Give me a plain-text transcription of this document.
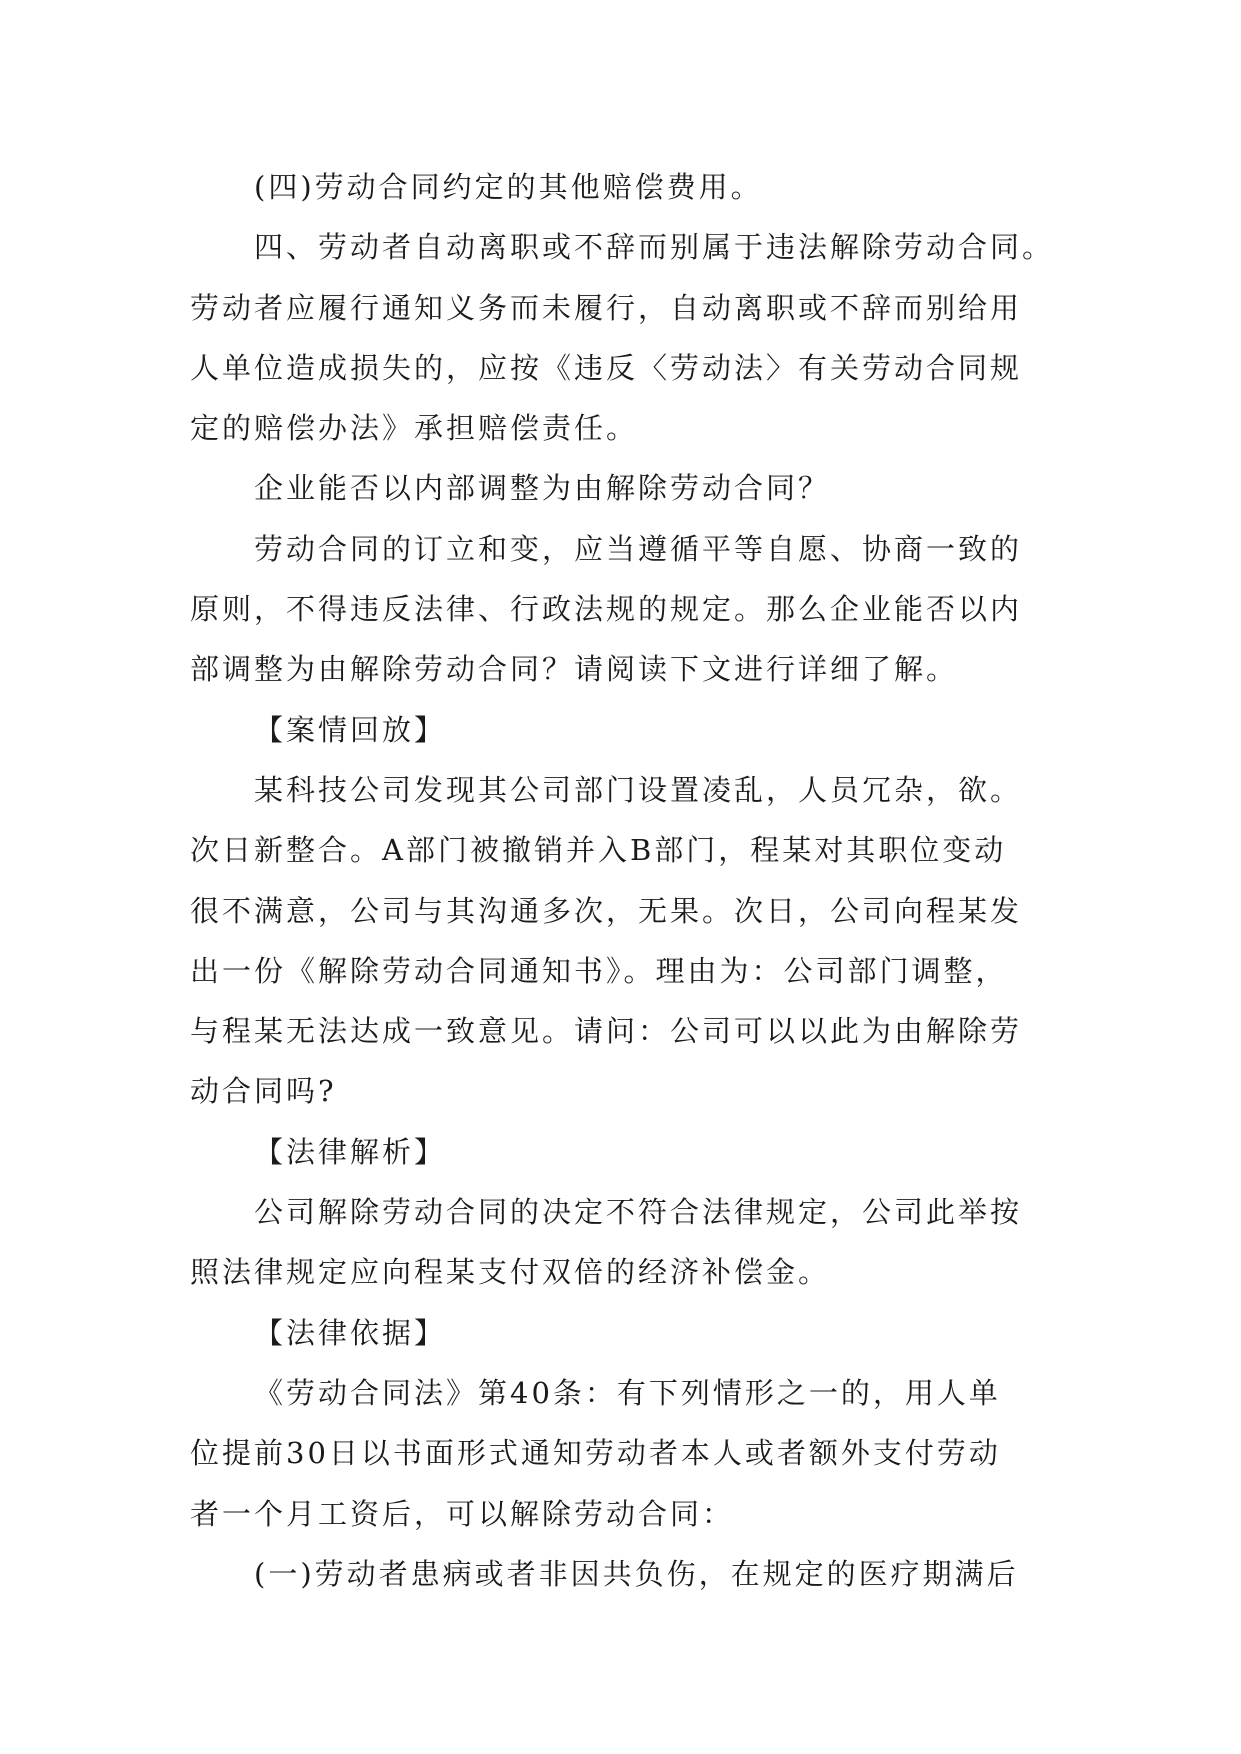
(四)劳动合同约定的其他赔偿费用。
四、劳动者自动离职或不辞而别属于违法解除劳动合同。
劳动者应履行通知义务而未履行，自动离职或不辞而别给用
人单位造成损失的，应按《违反〈劳动法〉有关劳动合同规
定的赔偿办法》承担赔偿责任。
企业能否以内部调整为由解除劳动合同？
劳动合同的订立和变，应当遵循平等自愿、协商一致的
原则，不得违反法律、行政法规的规定。那么企业能否以内
部调整为由解除劳动合同？请阅读下文进行详细了解。
【案情回放】
某科技公司发现其公司部门设置凌乱，人员冗杂，欲。
次日新整合。A部门被撤销并入B部门，程某对其职位变动
很不满意，公司与其沟通多次，无果。次日，公司向程某发
出一份《解除劳动合同通知书》。理由为：公司部门调整，
与程某无法达成一致意见。请问：公司可以以此为由解除劳
动合同吗?
【法律解析】
公司解除劳动合同的决定不符合法律规定，公司此举按
照法律规定应向程某支付双倍的经济补偿金。
【法律依据】
《劳动合同法》第40条：有下列情形之一的，用人单
位提前30日以书面形式通知劳动者本人或者额外支付劳动
者一个月工资后，可以解除劳动合同：
(一)劳动者患病或者非因共负伤，在规定的医疗期满后
